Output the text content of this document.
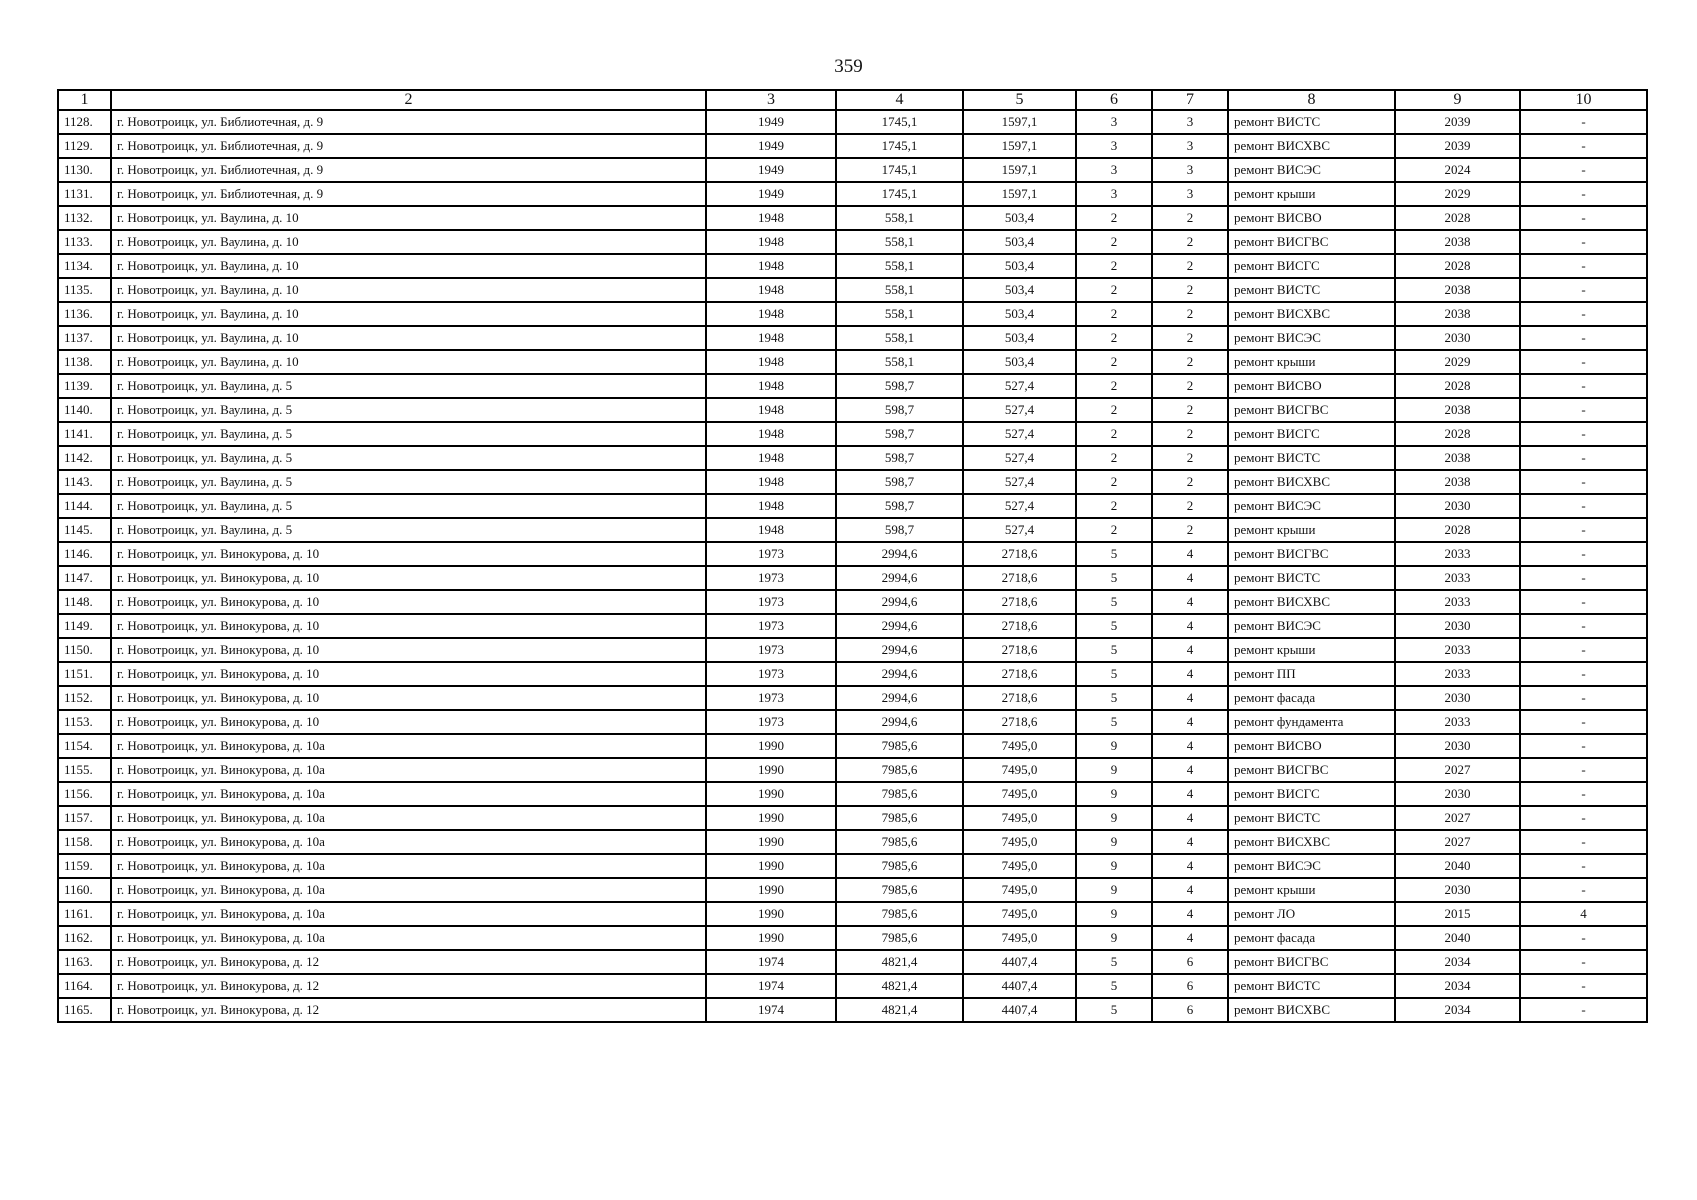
359
1	2	3	4	5	6	7	8	9	10
1128.	г. Новотроицк, ул. Библиотечная, д. 9	1949	1745,1	1597,1	3	3	ремонт ВИСТС	2039	-
1129.	г. Новотроицк, ул. Библиотечная, д. 9	1949	1745,1	1597,1	3	3	ремонт ВИСХВС	2039	-
1130.	г. Новотроицк, ул. Библиотечная, д. 9	1949	1745,1	1597,1	3	3	ремонт ВИСЭС	2024	-
1131.	г. Новотроицк, ул. Библиотечная, д. 9	1949	1745,1	1597,1	3	3	ремонт крыши	2029	-
1132.	г. Новотроицк, ул. Ваулина, д. 10	1948	558,1	503,4	2	2	ремонт ВИСВО	2028	-
1133.	г. Новотроицк, ул. Ваулина, д. 10	1948	558,1	503,4	2	2	ремонт ВИСГВС	2038	-
1134.	г. Новотроицк, ул. Ваулина, д. 10	1948	558,1	503,4	2	2	ремонт ВИСГС	2028	-
1135.	г. Новотроицк, ул. Ваулина, д. 10	1948	558,1	503,4	2	2	ремонт ВИСТС	2038	-
1136.	г. Новотроицк, ул. Ваулина, д. 10	1948	558,1	503,4	2	2	ремонт ВИСХВС	2038	-
1137.	г. Новотроицк, ул. Ваулина, д. 10	1948	558,1	503,4	2	2	ремонт ВИСЭС	2030	-
1138.	г. Новотроицк, ул. Ваулина, д. 10	1948	558,1	503,4	2	2	ремонт крыши	2029	-
1139.	г. Новотроицк, ул. Ваулина, д. 5	1948	598,7	527,4	2	2	ремонт ВИСВО	2028	-
1140.	г. Новотроицк, ул. Ваулина, д. 5	1948	598,7	527,4	2	2	ремонт ВИСГВС	2038	-
1141.	г. Новотроицк, ул. Ваулина, д. 5	1948	598,7	527,4	2	2	ремонт ВИСГС	2028	-
1142.	г. Новотроицк, ул. Ваулина, д. 5	1948	598,7	527,4	2	2	ремонт ВИСТС	2038	-
1143.	г. Новотроицк, ул. Ваулина, д. 5	1948	598,7	527,4	2	2	ремонт ВИСХВС	2038	-
1144.	г. Новотроицк, ул. Ваулина, д. 5	1948	598,7	527,4	2	2	ремонт ВИСЭС	2030	-
1145.	г. Новотроицк, ул. Ваулина, д. 5	1948	598,7	527,4	2	2	ремонт крыши	2028	-
1146.	г. Новотроицк, ул. Винокурова, д. 10	1973	2994,6	2718,6	5	4	ремонт ВИСГВС	2033	-
1147.	г. Новотроицк, ул. Винокурова, д. 10	1973	2994,6	2718,6	5	4	ремонт ВИСТС	2033	-
1148.	г. Новотроицк, ул. Винокурова, д. 10	1973	2994,6	2718,6	5	4	ремонт ВИСХВС	2033	-
1149.	г. Новотроицк, ул. Винокурова, д. 10	1973	2994,6	2718,6	5	4	ремонт ВИСЭС	2030	-
1150.	г. Новотроицк, ул. Винокурова, д. 10	1973	2994,6	2718,6	5	4	ремонт крыши	2033	-
1151.	г. Новотроицк, ул. Винокурова, д. 10	1973	2994,6	2718,6	5	4	ремонт ПП	2033	-
1152.	г. Новотроицк, ул. Винокурова, д. 10	1973	2994,6	2718,6	5	4	ремонт фасада	2030	-
1153.	г. Новотроицк, ул. Винокурова, д. 10	1973	2994,6	2718,6	5	4	ремонт фундамента	2033	-
1154.	г. Новотроицк, ул. Винокурова, д. 10а	1990	7985,6	7495,0	9	4	ремонт ВИСВО	2030	-
1155.	г. Новотроицк, ул. Винокурова, д. 10а	1990	7985,6	7495,0	9	4	ремонт ВИСГВС	2027	-
1156.	г. Новотроицк, ул. Винокурова, д. 10а	1990	7985,6	7495,0	9	4	ремонт ВИСГС	2030	-
1157.	г. Новотроицк, ул. Винокурова, д. 10а	1990	7985,6	7495,0	9	4	ремонт ВИСТС	2027	-
1158.	г. Новотроицк, ул. Винокурова, д. 10а	1990	7985,6	7495,0	9	4	ремонт ВИСХВС	2027	-
1159.	г. Новотроицк, ул. Винокурова, д. 10а	1990	7985,6	7495,0	9	4	ремонт ВИСЭС	2040	-
1160.	г. Новотроицк, ул. Винокурова, д. 10а	1990	7985,6	7495,0	9	4	ремонт крыши	2030	-
1161.	г. Новотроицк, ул. Винокурова, д. 10а	1990	7985,6	7495,0	9	4	ремонт ЛО	2015	4
1162.	г. Новотроицк, ул. Винокурова, д. 10а	1990	7985,6	7495,0	9	4	ремонт фасада	2040	-
1163.	г. Новотроицк, ул. Винокурова, д. 12	1974	4821,4	4407,4	5	6	ремонт ВИСГВС	2034	-
1164.	г. Новотроицк, ул. Винокурова, д. 12	1974	4821,4	4407,4	5	6	ремонт ВИСТС	2034	-
1165.	г. Новотроицк, ул. Винокурова, д. 12	1974	4821,4	4407,4	5	6	ремонт ВИСХВС	2034	-
